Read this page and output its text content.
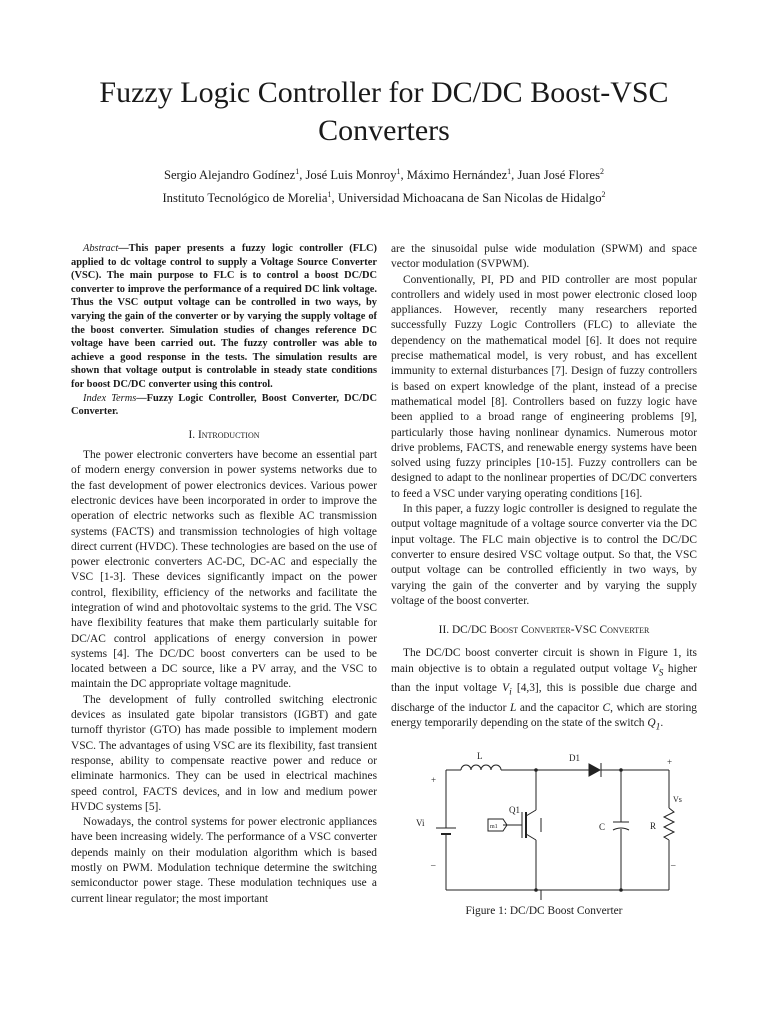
Fuzzy Logic Controller for DC/DC Boost-VSC Converters
Sergio Alejandro Godínez$^1$, José Luis Monroy$^1$, Máximo Hernández$^1$, Juan José Flores$^2$
Instituto Tecnológico de Morelia$^1$, Universidad Michoacana de San Nicolas de Hidalgo$^2$

Abstract—This paper presents a fuzzy logic controller (FLC) applied to dc voltage control to supply a Voltage Source Converter (VSC). The main purpose to FLC is to control a boost DC/DC converter to improve the performance of a required DC link voltage. Thus the VSC output voltage can be controlled in two ways, by varying the gain of the converter or by varying the supply voltage of the boost converter. Simulation studies of changes reference DC voltage have been carried out. The fuzzy controller was able to achieve a good response in the tests. The simulation results are shown that voltage output is controlable in steady state conditions for boost DC/DC converter using this control.

Index Terms—Fuzzy Logic Controller, Boost Converter, DC/DC Converter.

I. Introduction

The power electronic converters have become an essential part of modern energy conversion in power systems networks due to the fast development of power electronics devices. Various power electronic devices have been incorporated in order to improve the operation of electric networks such as flexible AC transmission systems (FACTS) and transmission technologies of high voltage direct current (HVDC). These technologies are based on the use of power electronic converters AC-DC, DC-AC and especially the VSC [1-3]. These devices significantly impact on the power control, flexibility, efficiency of the networks and facilitate the integration of wind and photovoltaic systems to the grid. The VSC have flexibility features that make them particularly suitable for DC/AC control applications of energy conversion in power systems [4]. The DC/DC boost converters can be used to be located between a DC source, like a PV array, and the VSC to maintain the DC appropriate voltage magnitude.

The development of fully controlled switching electronic devices as insulated gate bipolar transistors (IGBT) and gate turnoff thyristor (GTO) has made possible to implement modern VSC. The advantages of using VSC are its flexibility, fast transient response, ability to compensate reactive power and reduce or eliminate harmonics. They can be used in electrical machines speed control, FACTS devices, and in low and medium power HVDC systems [5].

Nowadays, the control systems for power electronic appliances have been increasing widely. The performance of a VSC converter depends mainly on their modulation algorithm which is based mostly on PWM. Modulation technique determine the switching semiconductor power stage. These modulation techniques use a current linear regulator; the most important

are the sinusoidal pulse wide modulation (SPWM) and space vector modulation (SVPWM).

Conventionally, PI, PD and PID controller are most popular controllers and widely used in most power electronic closed loop appliances. However, recently many researchers reported successfully Fuzzy Logic Controllers (FLC) to alleviate the dependency on the mathematical model [6]. It does not require precise mathematical model, is very robust, and has excellent immunity to external disturbances [7]. Design of fuzzy controllers is based on expert knowledge of the plant, instead of a precise mathematical model [8]. Controllers based on fuzzy logic have been applied to a broad range of engineering problems [9], particularly those having nonlinear dynamics. Numerous motor drive problems, FACTS, and renewable energy systems have been solved using fuzzy principles [10-15]. Fuzzy controllers can be designed to adapt to the nonlinear properties of DC/DC converters to feed a VSC under varying operating conditions [16].

In this paper, a fuzzy logic controller is designed to regulate the output voltage magnitude of a voltage source converter via the DC input voltage. The FLC main objective is to control the DC/DC converter to ensure desired VSC voltage output. So that, the VSC output voltage can be controlled efficiently in two ways, by varying the gain of the converter and by varying the supply voltage of the boost converter.

II. DC/DC Boost Converter-VSC Converter

The DC/DC boost converter circuit is shown in Figure 1, its main objective is to obtain a regulated output voltage $V_S$ higher than the input voltage $V_i$ [4,3], this is possible due charge and discharge of the inductor L and the capacitor C, which are storing energy temporarily depending on the state of the switch $Q_1$.

L	D1
Q1
m1	C	R
Vi
Vs
+
–
+
–
Figure 1: DC/DC Boost Converter
